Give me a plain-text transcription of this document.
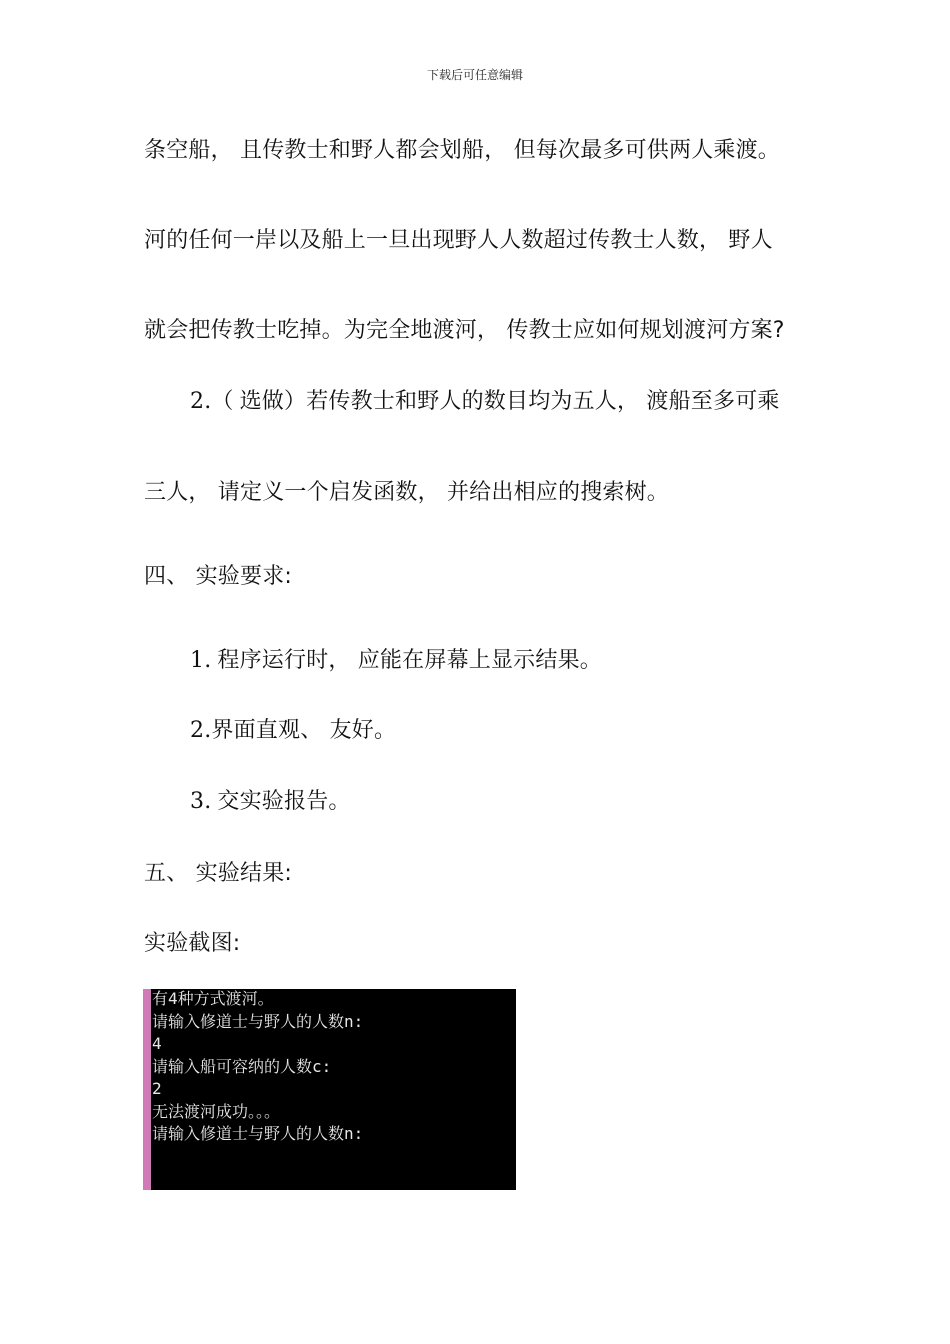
下载后可任意编辑
条空船， 且传教士和野人都会划船， 但每次最多可供两人乘渡。
河的任何一岸以及船上一旦出现野人人数超过传教士人数， 野人
就会把传教士吃掉。为完全地渡河， 传教士应如何规划渡河方案?
2.（ 选做）若传教士和野人的数目均为五人， 渡船至多可乘
三人， 请定义一个启发函数， 并给出相应的搜索树。
四、 实验要求:
1. 程序运行时， 应能在屏幕上显示结果。
2.界面直观、 友好。
3. 交实验报告。
五、 实验结果:
实验截图:
有4种方式渡河。
请输入修道士与野人的人数n:
4
请输入船可容纳的人数c:
2
无法渡河成功。。。
请输入修道士与野人的人数n:
